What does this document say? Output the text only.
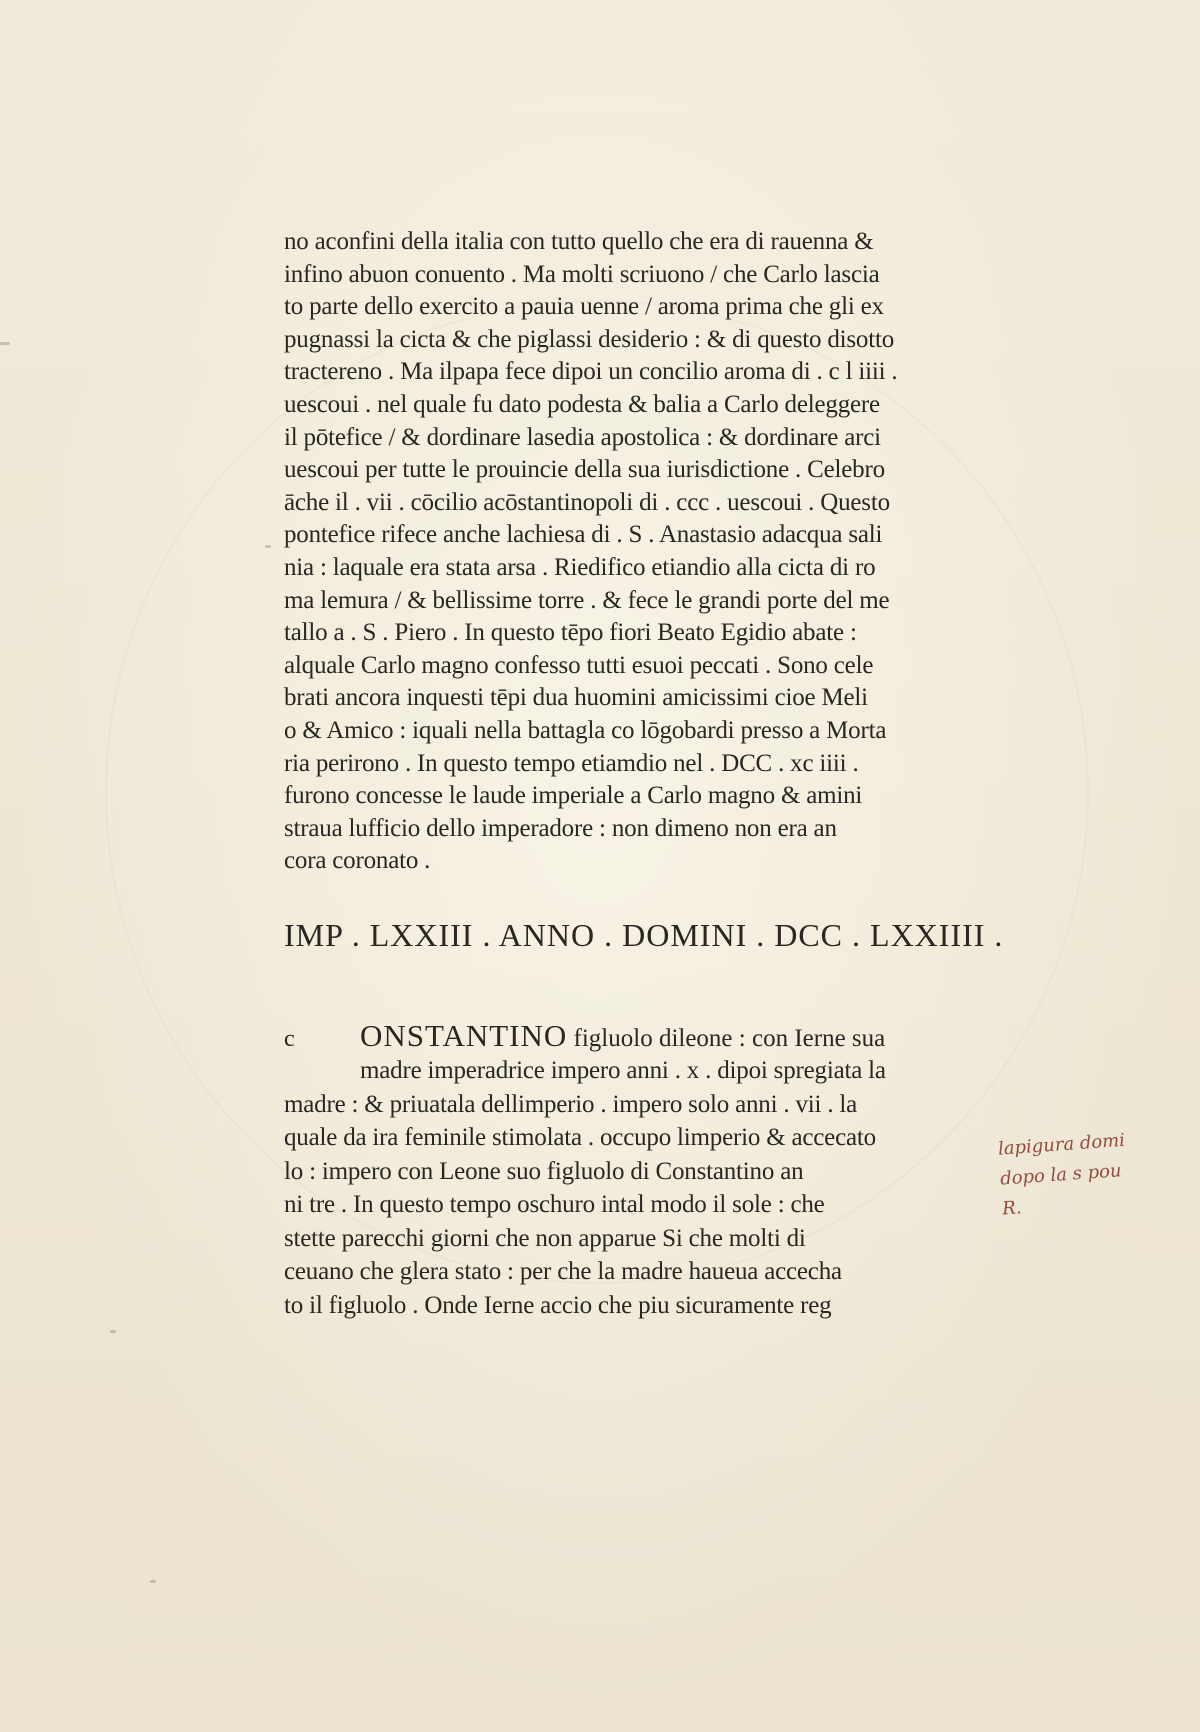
no aconfini della italia con tutto quello che era di rauenna &
infino abuon conuento . Ma molti scriuono / che Carlo lascia
to parte dello exercito a pauia uenne / aroma prima che gli ex
pugnassi la cicta & che piglassi desiderio : & di questo disotto
tractereno . Ma ilpapa fece dipoi un concilio aroma di . c l iiii .
uescoui . nel quale fu dato podesta & balia a Carlo deleggere
il pōtefice / & dordinare lasedia apostolica : & dordinare arci
uescoui per tutte le prouincie della sua iurisdictione . Celebro
āche il . vii . cōcilio acōstantinopoli di . ccc . uescoui . Questo
pontefice rifece anche lachiesa di . S . Anastasio adacqua sali
nia : laquale era stata arsa . Riedifico etiandio alla cicta di ro
ma lemura / & bellissime torre . & fece le grandi porte del me
tallo a . S . Piero . In questo tēpo fiori Beato Egidio abate :
alquale Carlo magno confesso tutti esuoi peccati . Sono cele
brati ancora inquesti tēpi dua huomini amicissimi cioe Meli
o & Amico : iquali nella battagla co lōgobardi presso a Morta
ria perirono . In questo tempo etiamdio nel . DCC . xc iiii .
furono concesse le laude imperiale a Carlo magno & amini
straua lufficio dello imperadore : non dimeno non era an
cora coronato .
IMP . LXXIII . ANNO . DOMINI . DCC . LXXIIII .
c ONSTANTINO figluolo dileone : con Ierne sua
madre imperadrice impero anni . x . dipoi spregiata la
madre : & priuatala dellimperio . impero solo anni . vii . la
quale da ira feminile stimolata . occupo limperio & accecato
lo : impero con Leone suo figluolo di Constantino an
ni tre . In questo tempo oschuro intal modo il sole : che
stette parecchi giorni che non apparue Si che molti di
ceuano che glera stato : per che la madre haueua accecha
to il figluolo . Onde Ierne accio che piu sicuramente reg
lapigura domi
dopo la s pou
R.
